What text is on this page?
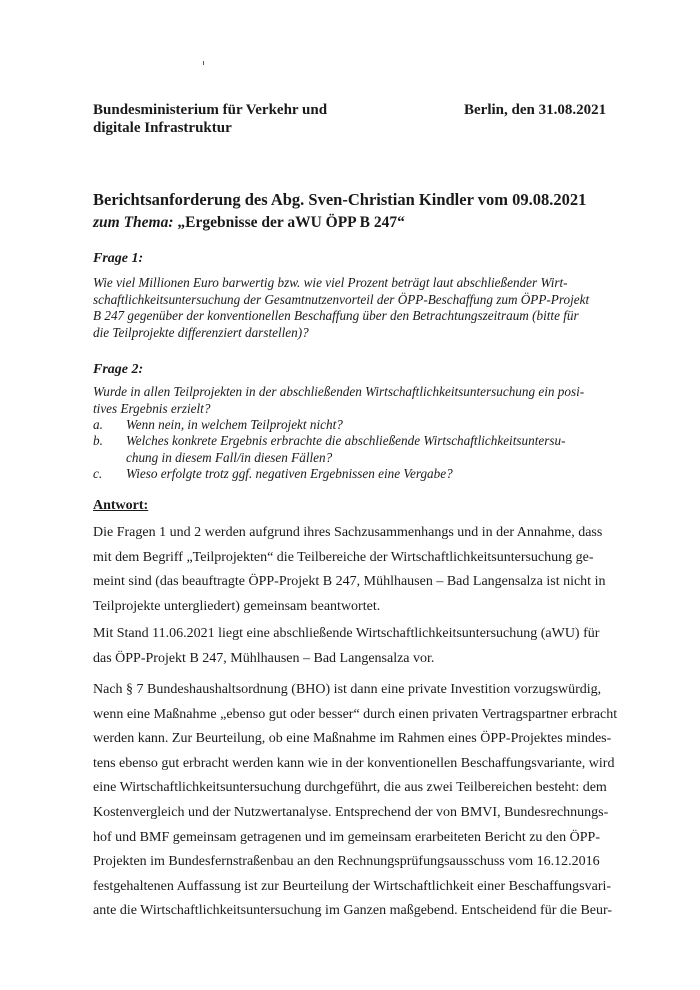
Bundesministerium für Verkehr und
digitale Infrastruktur
Berlin, den 31.08.2021
Berichtsanforderung des Abg. Sven-Christian Kindler vom 09.08.2021
zum Thema: „Ergebnisse der aWU ÖPP B 247“
Frage 1:
Wie viel Millionen Euro barwertig bzw. wie viel Prozent beträgt laut abschließender Wirt-
schaftlichkeitsuntersuchung der Gesamtnutzenvorteil der ÖPP-Beschaffung zum ÖPP-Projekt
B 247 gegenüber der konventionellen Beschaffung über den Betrachtungszeitraum (bitte für
die Teilprojekte differenziert darstellen)?
Frage 2:
Wurde in allen Teilprojekten in der abschließenden Wirtschaftlichkeitsuntersuchung ein posi-
tives Ergebnis erzielt?
a. Wenn nein, in welchem Teilprojekt nicht?
b. Welches konkrete Ergebnis erbrachte die abschließende Wirtschaftlichkeitsuntersu-
chung in diesem Fall/in diesen Fällen?
c. Wieso erfolgte trotz ggf. negativen Ergebnissen eine Vergabe?
Antwort:
Die Fragen 1 und 2 werden aufgrund ihres Sachzusammenhangs und in der Annahme, dass
mit dem Begriff „Teilprojekten“ die Teilbereiche der Wirtschaftlichkeitsuntersuchung ge-
meint sind (das beauftragte ÖPP-Projekt B 247, Mühlhausen – Bad Langensalza ist nicht in
Teilprojekte untergliedert) gemeinsam beantwortet.
Mit Stand 11.06.2021 liegt eine abschließende Wirtschaftlichkeitsuntersuchung (aWU) für
das ÖPP-Projekt B 247, Mühlhausen – Bad Langensalza vor.
Nach § 7 Bundeshaushaltsordnung (BHO) ist dann eine private Investition vorzugswürdig,
wenn eine Maßnahme „ebenso gut oder besser“ durch einen privaten Vertragspartner erbracht
werden kann. Zur Beurteilung, ob eine Maßnahme im Rahmen eines ÖPP-Projektes mindes-
tens ebenso gut erbracht werden kann wie in der konventionellen Beschaffungsvariante, wird
eine Wirtschaftlichkeitsuntersuchung durchgeführt, die aus zwei Teilbereichen besteht: dem
Kostenvergleich und der Nutzwertanalyse. Entsprechend der von BMVI, Bundesrechnungs-
hof und BMF gemeinsam getragenen und im gemeinsam erarbeiteten Bericht zu den ÖPP-
Projekten im Bundesfernstraßenbau an den Rechnungsprüfungsausschuss vom 16.12.2016
festgehaltenen Auffassung ist zur Beurteilung der Wirtschaftlichkeit einer Beschaffungsvari-
ante die Wirtschaftlichkeitsuntersuchung im Ganzen maßgebend. Entscheidend für die Beur-
